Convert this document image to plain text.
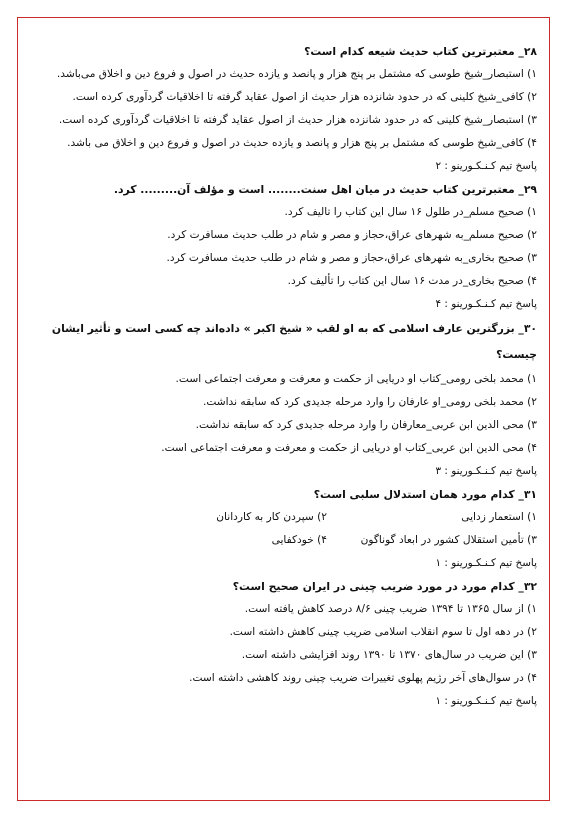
۲۸_ معتبرترین کتاب حدیث شیعه کدام است؟
۱) استبصار_شیخ طوسی که مشتمل بر پنج هزار و پانصد و یازده حدیث در اصول و فروع دین و اخلاق می‌باشد.
۲) کافی_شیخ کلینی که در حدود شانزده هزار حدیث از اصول عقاید گرفته تا اخلاقیات گردآوری کرده است.
۳) استبصار_شیخ کلینی که در حدود شانزده هزار حدیث از اصول عقاید گرفته تا اخلاقیات گردآوری کرده است.
۴) کافی_شیخ طوسی که مشتمل بر پنج هزار و پانصد و یازده حدیث در اصول و فروع دین و اخلاق می باشد.
پاسخ تیم کـنـکـورینو : ۲
۲۹_ معتبرترین کتاب حدیث در میان اهل سنت........ است و مؤلف آن......... کرد.
۱) صحیح مسلم_در طلول ۱۶ سال این کتاب را تالیف کرد.
۲) صحیح مسلم_به شهرهای عراق،حجاز و مصر و شام در طلب حدیث مسافرت کرد.
۳) صحیح بخاری_به شهرهای عراق،حجاز و مصر و شام در طلب حدیث مسافرت کرد.
۴) صحیح بخاری_در مدت ۱۶ سال این کتاب را تألیف کرد.
پاسخ تیم کـنـکـورینو : ۴
۳۰_ بزرگترین عارف اسلامی که به او لقب « شیخ اکبر » داده‌اند چه کسی است و تأثیر ایشان چیست؟
۱) محمد بلخی رومی_کتاب او دریایی از حکمت و معرفت و معرفت اجتماعی است.
۲) محمد بلخی رومی_او عارفان را وارد مرحله جدیدی کرد که سابقه نداشت.
۳) محی الدین ابن عربی_معارفان را وارد مرحله جدیدی کرد که سابقه نداشت.
۴) محی الدین ابن عربی_کتاب او دریایی از حکمت و معرفت و معرفت اجتماعی است.
پاسخ تیم کـنـکـورینو : ۳
۳۱_ کدام مورد همان استدلال سلبی است؟
۱) استعمار زدایی
۲) سپردن کار به کاردانان
۳) تأمین استقلال کشور در ابعاد گوناگون
۴) خودکفایی
پاسخ تیم کـنـکـورینو : ۱
۳۲_ کدام مورد در مورد ضریب چینی در ایران صحیح است؟
۱) از سال ۱۳۶۵ تا ۱۳۹۴ ضریب چینی ۸/۶ درصد کاهش یافته است.
۲) در دهه اول تا سوم انقلاب اسلامی ضریب چینی کاهش داشته است.
۳) این ضریب در سال‌های ۱۳۷۰ تا ۱۳۹۰ روند افزایشی داشته است.
۴) در سوال‌های آخر رژیم پهلوی تغییرات ضریب چینی روند کاهشی داشته است.
پاسخ تیم کـنـکـورینو : ۱
